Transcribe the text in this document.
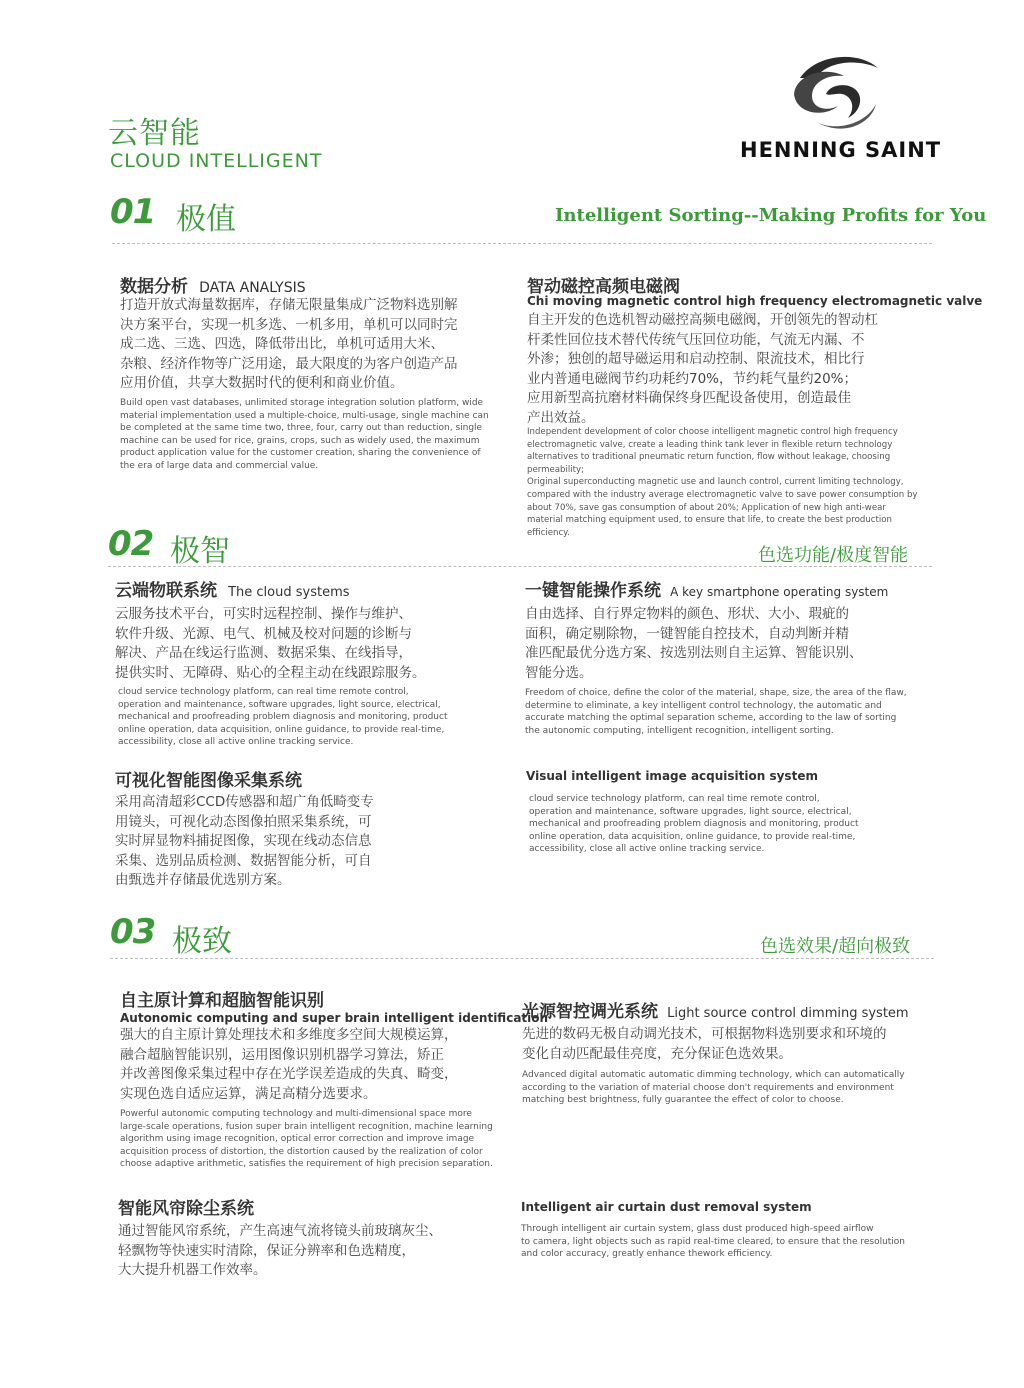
云智能
CLOUD INTELLIGENT	HENNING SAINT
01 极值	Intelligent Sorting--Making Profits for You
数据分析 DATA ANALYSIS
打造开放式海量数据库，存储无限量集成广泛物料选别解
决方案平台，实现一机多选、一机多用，单机可以同时完
成二选、三选、四选，降低带出比，单机可适用大米、
杂粮、经济作物等广泛用途，最大限度的为客户创造产品
应用价值，共享大数据时代的便利和商业价值。
Build open vast databases, unlimited storage integration solution platform, wide
material implementation used a multiple-choice, multi-usage, single machine can
be completed at the same time two, three, four, carry out than reduction, single
machine can be used for rice, grains, crops, such as widely used, the maximum
product application value for the customer creation, sharing the convenience of
the era of large data and commercial value.
智动磁控高频电磁阀
Chi moving magnetic control high frequency electromagnetic valve
自主开发的色选机智动磁控高频电磁阀，开创领先的智动杠
杆柔性回位技术替代传统气压回位功能，气流无内漏、不
外渗；独创的超导磁运用和启动控制、限流技术，相比行
业内普通电磁阀节约功耗约70%，节约耗气量约20%；
应用新型高抗磨材料确保终身匹配设备使用，创造最佳
产出效益。
Independent development of color choose intelligent magnetic control high frequency
electromagnetic valve, create a leading think tank lever in flexible return technology
alternatives to traditional pneumatic return function, flow without leakage, choosing permeability;
Original superconducting magnetic use and launch control, current limiting technology,
compared with the industry average electromagnetic valve to save power consumption by
about 70%, save gas consumption of about 20%; Application of new high anti-wear
material matching equipment used, to ensure that life, to create the best production
efficiency.
02 极智	色选功能/极度智能
云端物联系统 The cloud systems
云服务技术平台，可实时远程控制、操作与维护、
软件升级、光源、电气、机械及校对问题的诊断与
解决、产品在线运行监测、数据采集、在线指导，
提供实时、无障碍、贴心的全程主动在线跟踪服务。
cloud service technology platform, can real time remote control,
operation and maintenance, software upgrades, light source, electrical,
mechanical and proofreading problem diagnosis and monitoring, product
online operation, data acquisition, online guidance, to provide real-time,
accessibility, close all active online tracking service.
一键智能操作系统 A key smartphone operating system
自由选择、自行界定物料的颜色、形状、大小、瑕疵的
面积，确定剔除物，一键智能自控技术，自动判断并精
准匹配最优分选方案、按选别法则自主运算、智能识别、
智能分选。
Freedom of choice, define the color of the material, shape, size, the area of the flaw,
determine to eliminate, a key intelligent control technology, the automatic and
accurate matching the optimal separation scheme, according to the law of sorting
the autonomic computing, intelligent recognition, intelligent sorting.
可视化智能图像采集系统
采用高清超彩CCD传感器和超广角低畸变专
用镜头，可视化动态图像拍照采集系统，可
实时屏显物料捕捉图像，实现在线动态信息
采集、选别品质检测、数据智能分析，可自
由甄选并存储最优选别方案。
Visual intelligent image acquisition system
cloud service technology platform, can real time remote control,
operation and maintenance, software upgrades, light source, electrical,
mechanical and proofreading problem diagnosis and monitoring, product
online operation, data acquisition, online guidance, to provide real-time,
accessibility, close all active online tracking service.
03 极致	色选效果/超向极致
自主原计算和超脑智能识别
Autonomic computing and super brain intelligent identification
强大的自主原计算处理技术和多维度多空间大规模运算，
融合超脑智能识别，运用图像识别机器学习算法，矫正
并改善图像采集过程中存在光学误差造成的失真、畸变，
实现色选自适应运算，满足高精分选要求。
Powerful autonomic computing technology and multi-dimensional space more
large-scale operations, fusion super brain intelligent recognition, machine learning
algorithm using image recognition, optical error correction and improve image
acquisition process of distortion, the distortion caused by the realization of color
choose adaptive arithmetic, satisfies the requirement of high precision separation.
光源智控调光系统 Light source control dimming system
先进的数码无极自动调光技术，可根据物料选别要求和环境的
变化自动匹配最佳亮度，充分保证色选效果。
Advanced digital automatic automatic dimming technology, which can automatically
according to the variation of material choose don't requirements and environment
matching best brightness, fully guarantee the effect of color to choose.
智能风帘除尘系统
通过智能风帘系统，产生高速气流将镜头前玻璃灰尘、
轻飘物等快速实时清除，保证分辨率和色选精度，
大大提升机器工作效率。
Intelligent air curtain dust removal system
Through intelligent air curtain system, glass dust produced high-speed airflow
to camera, light objects such as rapid real-time cleared, to ensure that the resolution
and color accuracy, greatly enhance thework efficiency.
